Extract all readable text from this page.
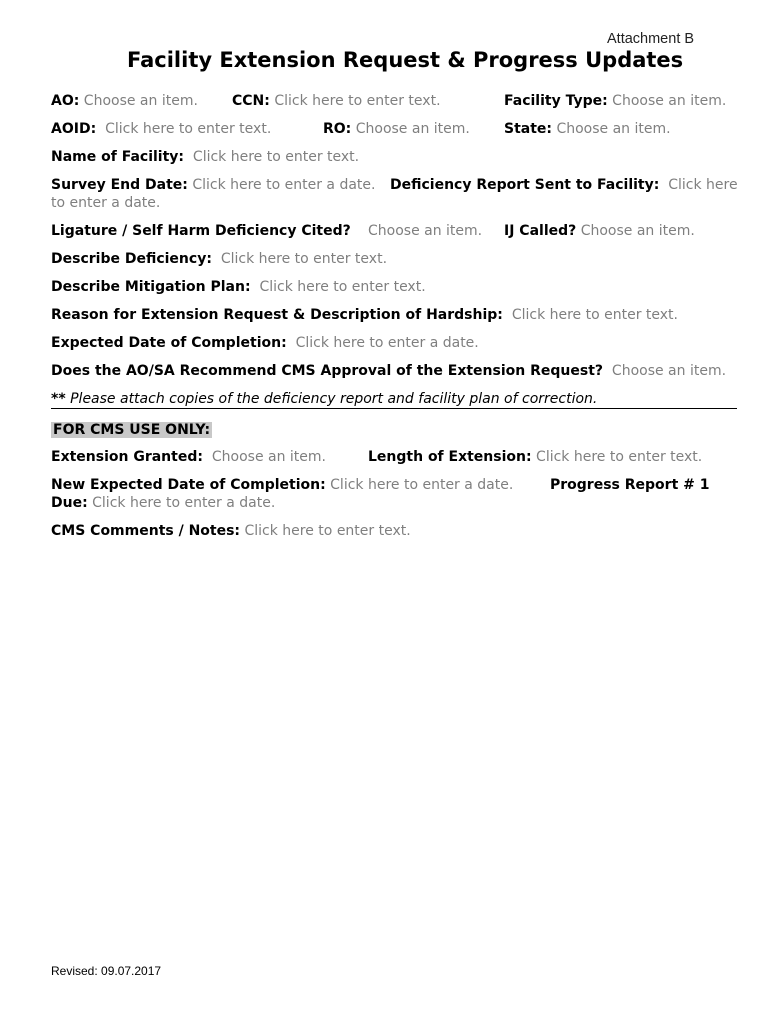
Attachment B
Facility Extension Request & Progress Updates
AO: Choose an item. CCN: Click here to enter text.	Facility Type: Choose an item.
AOID: Click here to enter text.	RO: Choose an item. State: Choose an item.
Name of Facility: Click here to enter text.
Survey End Date: Click here to enter a date. Deficiency Report Sent to Facility: Click here
to enter a date.
Ligature / Self Harm Deficiency Cited? Choose an item. IJ Called? Choose an item.
Describe Deficiency: Click here to enter text.
Describe Mitigation Plan: Click here to enter text.
Reason for Extension Request & Description of Hardship: Click here to enter text.
Expected Date of Completion: Click here to enter a date.
Does the AO/SA Recommend CMS Approval of the Extension Request? Choose an item.
** Please attach copies of the deficiency report and facility plan of correction.
FOR CMS USE ONLY:
Extension Granted: Choose an item.	Length of Extension: Click here to enter text.
New Expected Date of Completion: Click here to enter a date.	Progress Report # 1
Due: Click here to enter a date.
CMS Comments / Notes: Click here to enter text.
Revised: 09.07.2017
